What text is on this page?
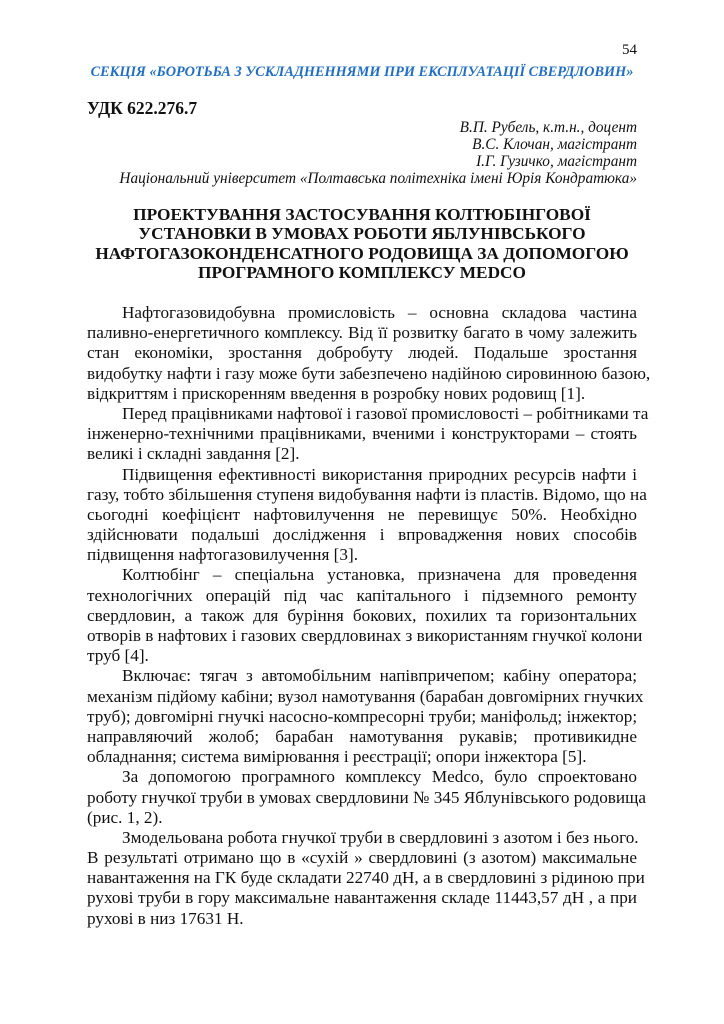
54
СЕКЦІЯ «БОРОТЬБА З УСКЛАДНЕННЯМИ ПРИ ЕКСПЛУАТАЦІЇ СВЕРДЛОВИН»
УДК 622.276.7
В.П. Рубель, к.т.н., доцент
В.С. Клочан, магістрант
І.Г. Гузичко, магістрант
Національний університет «Полтавська політехніка імені Юрія Кондратюка»
ПРОЕКТУВАННЯ ЗАСТОСУВАННЯ КОЛТЮБІНГОВОЇ
УСТАНОВКИ В УМОВАХ РОБОТИ ЯБЛУНІВСЬКОГО
НАФТОГАЗОКОНДЕНСАТНОГО РОДОВИЩА ЗА ДОПОМОГОЮ
ПРОГРАМНОГО КОМПЛЕКСУ MEDCO
Нафтогазовидобувна промисловість – основна складова частина
паливно-енергетичного комплексу. Від її розвитку багато в чому залежить
стан економіки, зростання добробуту людей. Подальше зростання
видобутку нафти і газу може бути забезпечено надійною сировинною базою,
відкриттям і прискоренням введення в розробку нових родовищ [1].
Перед працівниками нафтової і газової промисловості – робітниками та
інженерно-технічними працівниками, вченими і конструкторами – стоять
великі і складні завдання [2].
Підвищення ефективності використання природних ресурсів нафти і
газу, тобто збільшення ступеня видобування нафти із пластів. Відомо, що на
сьогодні коефіцієнт нафтовилучення не перевищує 50%. Необхідно
здійснювати подальші дослідження і впровадження нових способів
підвищення нафтогазовилучення [3].
Колтюбінг – спеціальна установка, призначена для проведення
технологічних операцій під час капітального і підземного ремонту
свердловин, а також для буріння бокових, похилих та горизонтальних
отворів в нафтових і газових свердловинах з використанням гнучкої колони
труб [4].
Включає: тягач з автомобільним напівпричепом; кабіну оператора;
механізм підйому кабіни; вузол намотування (барабан довгомірних гнучких
труб); довгомірні гнучкі насосно-компресорні труби; маніфольд; інжектор;
направляючий жолоб; барабан намотування рукавів; противикидне
обладнання; система вимірювання і реєстрації; опори інжектора [5].
За допомогою програмного комплексу Medco, було спроектовано
роботу гнучкої труби в умовах свердловини № 345 Яблунівського родовища
(рис. 1, 2).
Змодельована робота гнучкої труби в свердловині з азотом і без нього.
В результаті отримано що в «сухій » свердловині (з азотом) максимальне
навантаження на ГК буде складати 22740 дН, а в свердловині з рідиною при
рухові труби в гору максимальне навантаження складе 11443,57 дН , а при
рухові в низ 17631 Н.
